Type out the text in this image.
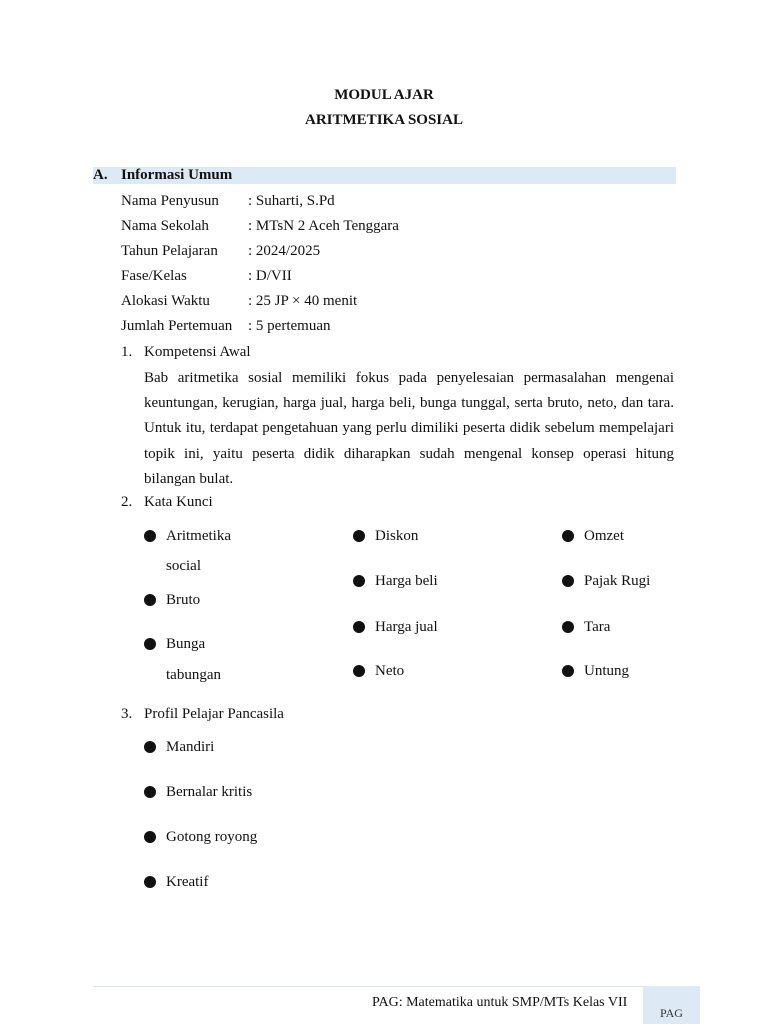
MODUL AJAR
ARITMETIKA SOSIAL
A. Informasi Umum
Nama Penyusun	: Suharti, S.Pd
Nama Sekolah	: MTsN 2 Aceh Tenggara
Tahun Pelajaran	: 2024/2025
Fase/Kelas	: D/VII
Alokasi Waktu	: 25 JP × 40 menit
Jumlah Pertemuan	: 5 pertemuan
1. Kompetensi Awal

Bab aritmetika sosial memiliki fokus pada penyelesaian permasalahan mengenai keuntungan, kerugian, harga jual, harga beli, bunga tunggal, serta bruto, neto, dan tara. Untuk itu, terdapat pengetahuan yang perlu dimiliki peserta didik sebelum mempelajari topik ini, yaitu peserta didik diharapkan sudah mengenal konsep operasi hitung bilangan bulat.

2. Kata Kunci
Aritmetika
social
Bruto
Bunga
tabungan
Diskon
Harga beli
Harga jual
Neto
Omzet
Pajak Rugi
Tara
Untung
3. Profil Pelajar Pancasila
Mandiri
Bernalar kritis
Gotong royong
Kreatif
PAG: Matematika untuk SMP/MTs Kelas VII
PAG
